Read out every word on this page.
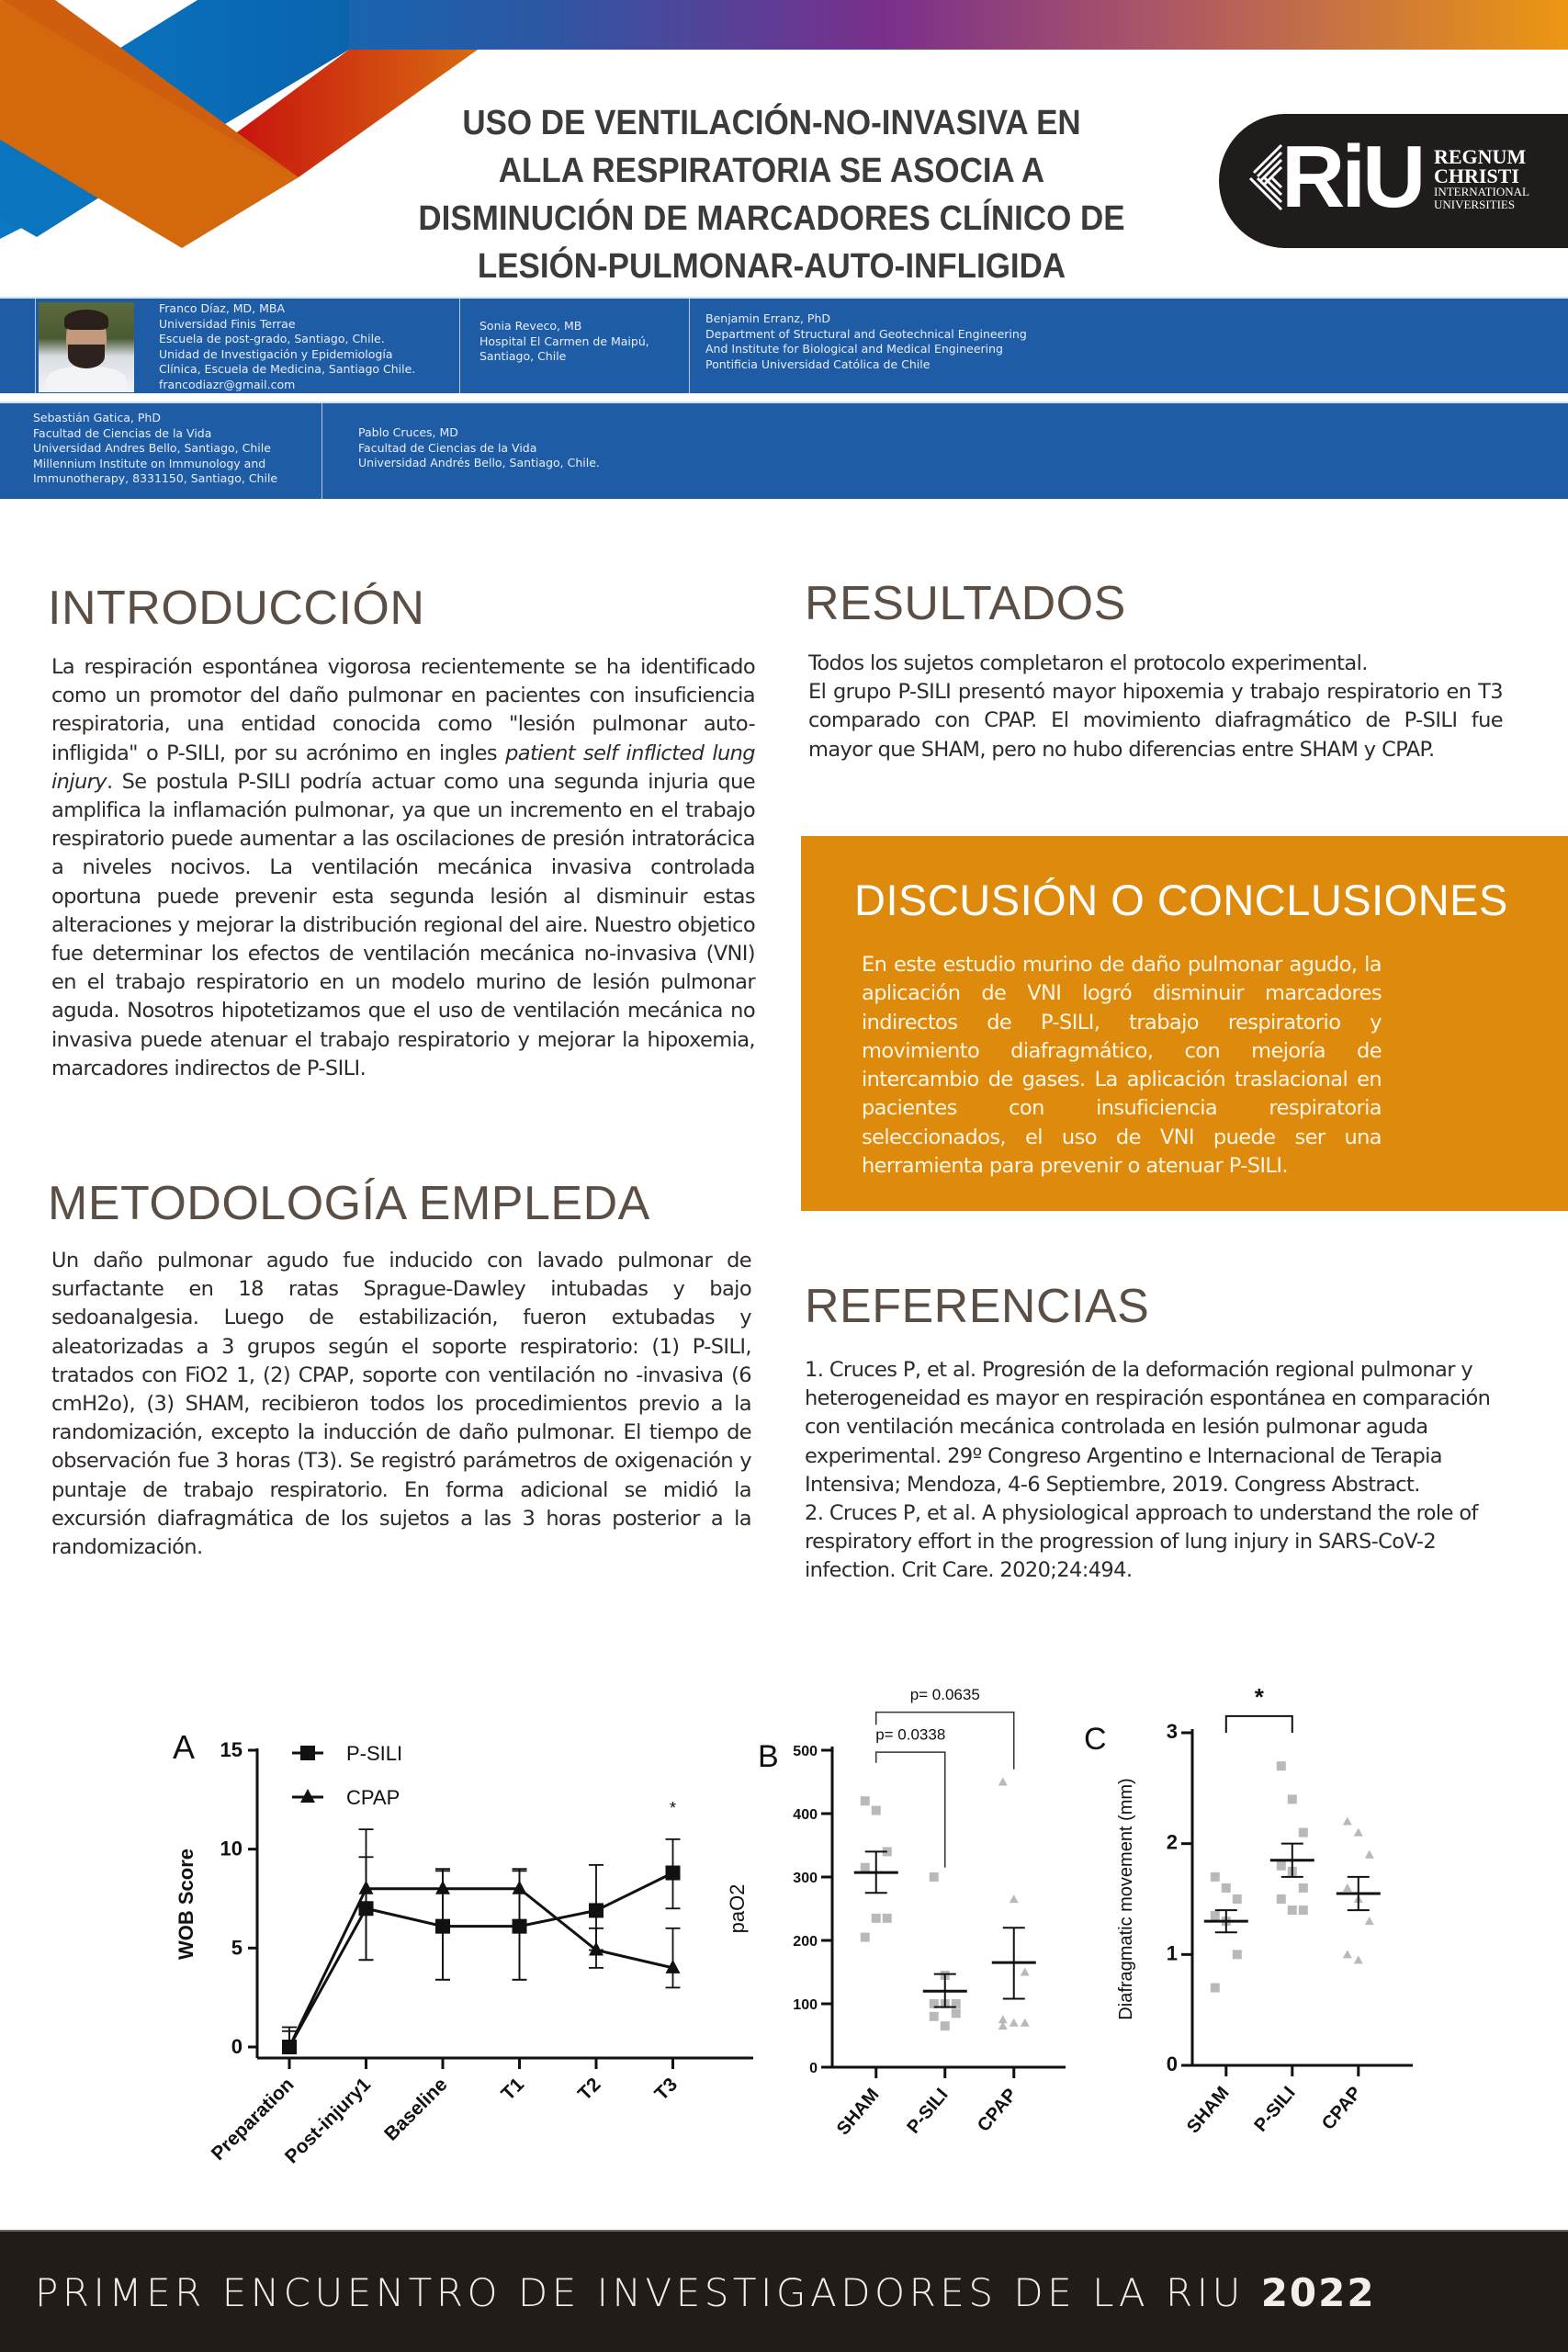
USO DE VENTILACIÓN-NO-INVASIVA EN
ALLA RESPIRATORIA SE ASOCIA A
DISMINUCIÓN DE MARCADORES CLÍNICO DE
LESIÓN-PULMONAR-AUTO-INFLIGIDA
RiU REGNUM
CHRISTI
INTERNATIONAL
UNIVERSITIES
Franco Díaz, MD, MBA
Universidad Finis Terrae
Escuela de post-grado, Santiago, Chile.
Unidad de Investigación y Epidemiología
Clínica, Escuela de Medicina, Santiago Chile.
francodiazr@gmail.com
Sonia Reveco, MB
Hospital El Carmen de Maipú,
Santiago, Chile
Benjamin Erranz, PhD
Department of Structural and Geotechnical Engineering
And Institute for Biological and Medical Engineering
Pontificia Universidad Católica de Chile
Sebastián Gatica, PhD
Facultad de Ciencias de la Vida
Universidad Andres Bello, Santiago, Chile
Millennium Institute on Immunology and
Immunotherapy, 8331150, Santiago, Chile
Pablo Cruces, MD
Facultad de Ciencias de la Vida
Universidad Andrés Bello, Santiago, Chile.
INTRODUCCIÓN
La respiración espontánea vigorosa recientemente se ha identificado como un promotor del daño pulmonar en pacientes con insuficiencia respiratoria, una entidad conocida como "lesión pulmonar auto-infligida" o P-SILI, por su acrónimo en ingles patient self inflicted lung injury. Se postula P-SILI podría actuar como una segunda injuria que amplifica la inflamación pulmonar, ya que un incremento en el trabajo respiratorio puede aumentar a las oscilaciones de presión intratorácica a niveles nocivos. La ventilación mecánica invasiva controlada oportuna puede prevenir esta segunda lesión al disminuir estas alteraciones y mejorar la distribución regional del aire. Nuestro objetico fue determinar los efectos de ventilación mecánica no-invasiva (VNI) en el trabajo respiratorio en un modelo murino de lesión pulmonar aguda. Nosotros hipotetizamos que el uso de ventilación mecánica no invasiva puede atenuar el trabajo respiratorio y mejorar la hipoxemia, marcadores indirectos de P-SILI.
METODOLOGÍA EMPLEDA
Un daño pulmonar agudo fue inducido con lavado pulmonar de surfactante en 18 ratas Sprague-Dawley intubadas y bajo sedoanalgesia. Luego de estabilización, fueron extubadas y aleatorizadas a 3 grupos según el soporte respiratorio: (1) P-SILI, tratados con FiO2 1, (2) CPAP, soporte con ventilación no -invasiva (6 cmH2o), (3) SHAM, recibieron todos los procedimientos previo a la randomización, excepto la inducción de daño pulmonar. El tiempo de observación fue 3 horas (T3). Se registró parámetros de oxigenación y puntaje de trabajo respiratorio. En forma adicional se midió la excursión diafragmática de los sujetos a las 3 horas posterior a la randomización.
RESULTADOS
Todos los sujetos completaron el protocolo experimental.
El grupo P-SILI presentó mayor hipoxemia y trabajo respiratorio en T3 comparado con CPAP. El movimiento diafragmático de P-SILI fue mayor que SHAM, pero no hubo diferencias entre SHAM y CPAP.
DISCUSIÓN O CONCLUSIONES
En este estudio murino de daño pulmonar agudo, la aplicación de VNI logró disminuir marcadores indirectos de P-SILI, trabajo respiratorio y movimiento diafragmático, con mejoría de intercambio de gases. La aplicación traslacional en pacientes con insuficiencia respiratoria seleccionados, el uso de VNI puede ser una herramienta para prevenir o atenuar P-SILI.
REFERENCIAS
1. Cruces P, et al. Progresión de la deformación regional pulmonar y heterogeneidad es mayor en respiración espontánea en comparación con ventilación mecánica controlada en lesión pulmonar aguda experimental. 29º Congreso Argentino e Internacional de Terapia Intensiva; Mendoza, 4-6 Septiembre, 2019. Congress Abstract.
2. Cruces P, et al. A physiological approach to understand the role of respiratory effort in the progression of lung injury in SARS-CoV-2 infection. Crit Care. 2020;24:494.
A
0
5
10
15
WOB Score
Preparation
Post-injury1 Baseline T1 T2 T3
P-SILI
CPAP	*
B
0
100
200
300
400
500
paO2
SHAM P-SILI CPAP
p= 0.0338
p= 0.0635
C
0
1
2
3
Diafragmatic movement (mm)
SHAM P-SILI CPAP
*
PRIMER ENCUENTRO DE INVESTIGADORES DE LA RIU 2022
